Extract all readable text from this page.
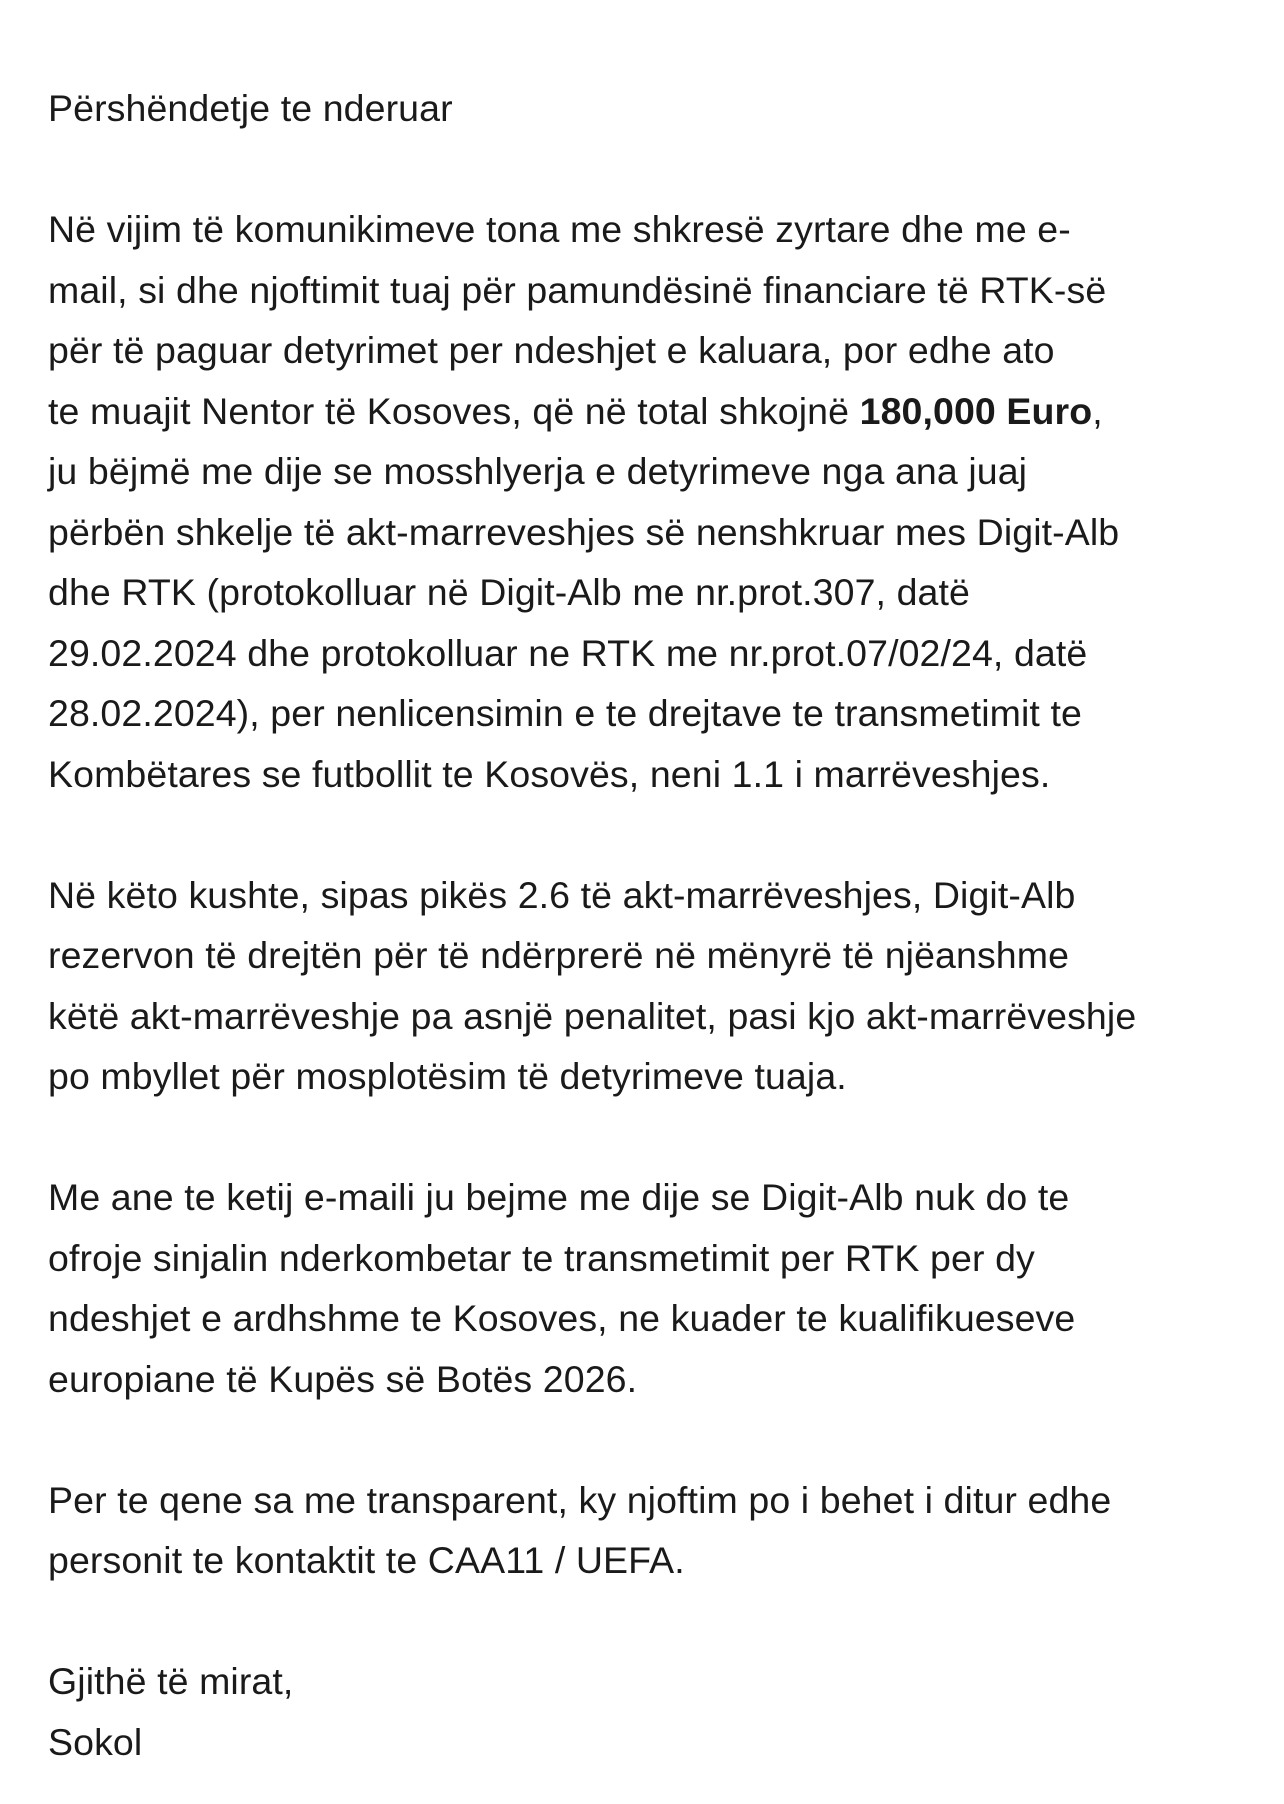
Përshëndetje te nderuar

Në vijim të komunikimeve tona me shkresë zyrtare dhe me e-
mail, si dhe njoftimit tuaj për pamundësinë financiare të RTK-së
për të paguar detyrimet per ndeshjet e kaluara, por edhe ato
te muajit Nentor të Kosoves, që në total shkojnë 180,000 Euro,
ju bëjmë me dije se mosshlyerja e detyrimeve nga ana juaj
përbën shkelje të akt-marreveshjes së nenshkruar mes Digit-Alb
dhe RTK (protokolluar në Digit-Alb me nr.prot.307, datë
29.02.2024 dhe protokolluar ne RTK me nr.prot.07/02/24, datë
28.02.2024), per nenlicensimin e te drejtave te transmetimit te
Kombëtares se futbollit te Kosovës, neni 1.1 i marrëveshjes.

Në këto kushte, sipas pikës 2.6 të akt-marrëveshjes, Digit-Alb
rezervon të drejtën për të ndërprerë në mënyrë të njëanshme
këtë akt-marrëveshje pa asnjë penalitet, pasi kjo akt-marrëveshje
po mbyllet për mosplotësim të detyrimeve tuaja.

Me ane te ketij e-maili ju bejme me dije se Digit-Alb nuk do te
ofroje sinjalin nderkombetar te transmetimit per RTK per dy
ndeshjet e ardhshme te Kosoves, ne kuader te kualifikueseve
europiane të Kupës së Botës 2026.

Per te qene sa me transparent, ky njoftim po i behet i ditur edhe
personit te kontaktit te CAA11 / UEFA.

Gjithë të mirat,
Sokol
